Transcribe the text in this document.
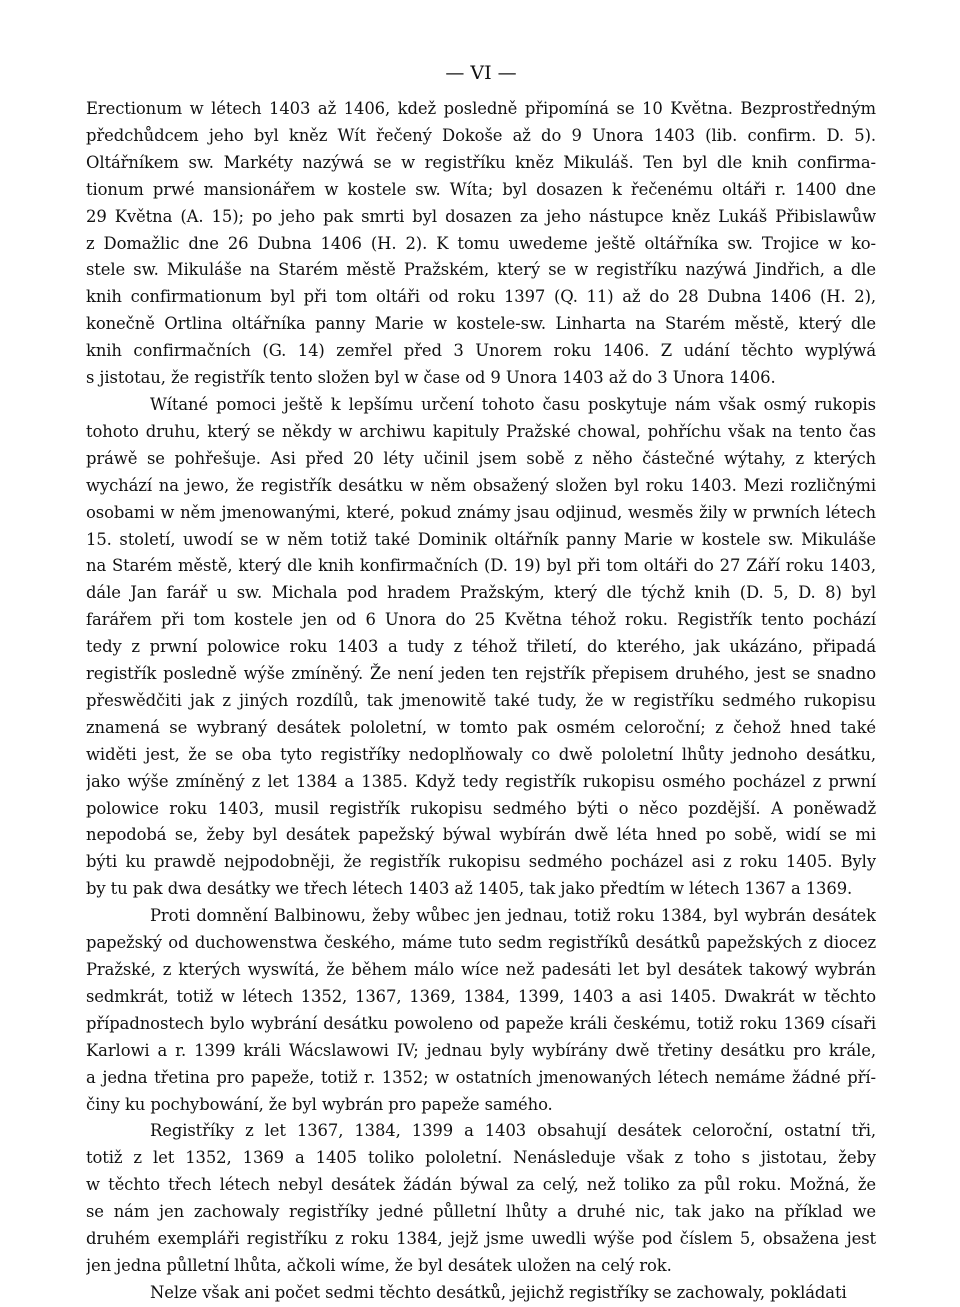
— VI —
Erectionum w létech 1403 až 1406, kdež posledně připomíná se 10 Května. Bezprostředným
předchůdcem jeho byl kněz Wít řečený Dokoše až do 9 Unora 1403 (lib. confirm. D. 5).
Oltářníkem sw. Markéty nazýwá se w registříku kněz Mikuláš. Ten byl dle knih confirma-
tionum prwé mansionářem w kostele sw. Wíta; byl dosazen k řečenému oltáři r. 1400 dne
29 Května (A. 15); po jeho pak smrti byl dosazen za jeho nástupce kněz Lukáš Přibislawůw
z Domažlic dne 26 Dubna 1406 (H. 2). K tomu uwedeme ještě oltářníka sw. Trojice w ko-
stele sw. Mikuláše na Starém městě Pražském, který se w registříku nazýwá Jindřich, a dle
knih confirmationum byl při tom oltáři od roku 1397 (Q. 11) až do 28 Dubna 1406 (H. 2),
konečně Ortlina oltářníka panny Marie w kostele-sw. Linharta na Starém městě, který dle
knih confirmačních (G. 14) zemřel před 3 Unorem roku 1406. Z udání těchto wyplýwá
s jistotau, že registřík tento složen byl w čase od 9 Unora 1403 až do 3 Unora 1406.
Wítané pomoci ještě k lepšímu určení tohoto času poskytuje nám však osmý rukopis
tohoto druhu, který se někdy w archiwu kapituly Pražské chowal, pohříchu však na tento čas
práwě se pohřešuje. Asi před 20 léty učinil jsem sobě z něho částečné wýtahy, z kterých
wychází na jewo, že registřík desátku w něm obsažený složen byl roku 1403. Mezi rozličnými
osobami w něm jmenowanými, které, pokud známy jsau odjinud, wesměs žily w prwních létech
15. století, uwodí se w něm totiž také Dominik oltářník panny Marie w kostele sw. Mikuláše
na Starém městě, který dle knih konfirmačních (D. 19) byl při tom oltáři do 27 Září roku 1403,
dále Jan farář u sw. Michala pod hradem Pražským, který dle týchž knih (D. 5, D. 8) byl
farářem při tom kostele jen od 6 Unora do 25 Května téhož roku. Registřík tento pochází
tedy z prwní polowice roku 1403 a tudy z téhož třiletí, do kterého, jak ukázáno, připadá
registřík posledně wýše zmíněný. Že není jeden ten rejstřík přepisem druhého, jest se snadno
přeswědčiti jak z jiných rozdílů, tak jmenowitě také tudy, že w registříku sedmého rukopisu
znamená se wybraný desátek pololetní, w tomto pak osmém celoroční; z čehož hned také
widěti jest, že se oba tyto registříky nedoplňowaly co dwě pololetní lhůty jednoho desátku,
jako wýše zmíněný z let 1384 a 1385. Když tedy registřík rukopisu osmého pocházel z prwní
polowice roku 1403, musil registřík rukopisu sedmého býti o něco pozdější. A poněwadž
nepodobá se, žeby byl desátek papežský býwal wybírán dwě léta hned po sobě, widí se mi
býti ku prawdě nejpodobněji, že registřík rukopisu sedmého pocházel asi z roku 1405. Byly
by tu pak dwa desátky we třech létech 1403 až 1405, tak jako předtím w létech 1367 a 1369.
Proti domnění Balbinowu, žeby wůbec jen jednau, totiž roku 1384, byl wybrán desátek
papežský od duchowenstwa českého, máme tuto sedm registříků desátků papežských z diocez
Pražské, z kterých wyswítá, že během málo wíce než padesáti let byl desátek takowý wybrán
sedmkrát, totiž w létech 1352, 1367, 1369, 1384, 1399, 1403 a asi 1405. Dwakrát w těchto
případnostech bylo wybrání desátku powoleno od papeže králi českému, totiž roku 1369 císaři
Karlowi a r. 1399 králi Wácslawowi IV; jednau byly wybírány dwě třetiny desátku pro krále,
a jedna třetina pro papeže, totiž r. 1352; w ostatních jmenowaných létech nemáme žádné pří-
činy ku pochybowání, že byl wybrán pro papeže samého.
Registříky z let 1367, 1384, 1399 a 1403 obsahují desátek celoroční, ostatní tři,
totiž z let 1352, 1369 a 1405 toliko pololetní. Nenásleduje však z toho s jistotau, žeby
w těchto třech létech nebyl desátek žádán býwal za celý, než toliko za půl roku. Možná, že
se nám jen zachowaly registříky jedné půlletní lhůty a druhé nic, tak jako na příklad we
druhém exempláři registříku z roku 1384, jejž jsme uwedli wýše pod číslem 5, obsažena jest
jen jedna půlletní lhůta, ačkoli wíme, že byl desátek uložen na celý rok.
Nelze však ani počet sedmi těchto desátků, jejichž registříky se zachowaly, pokládati
